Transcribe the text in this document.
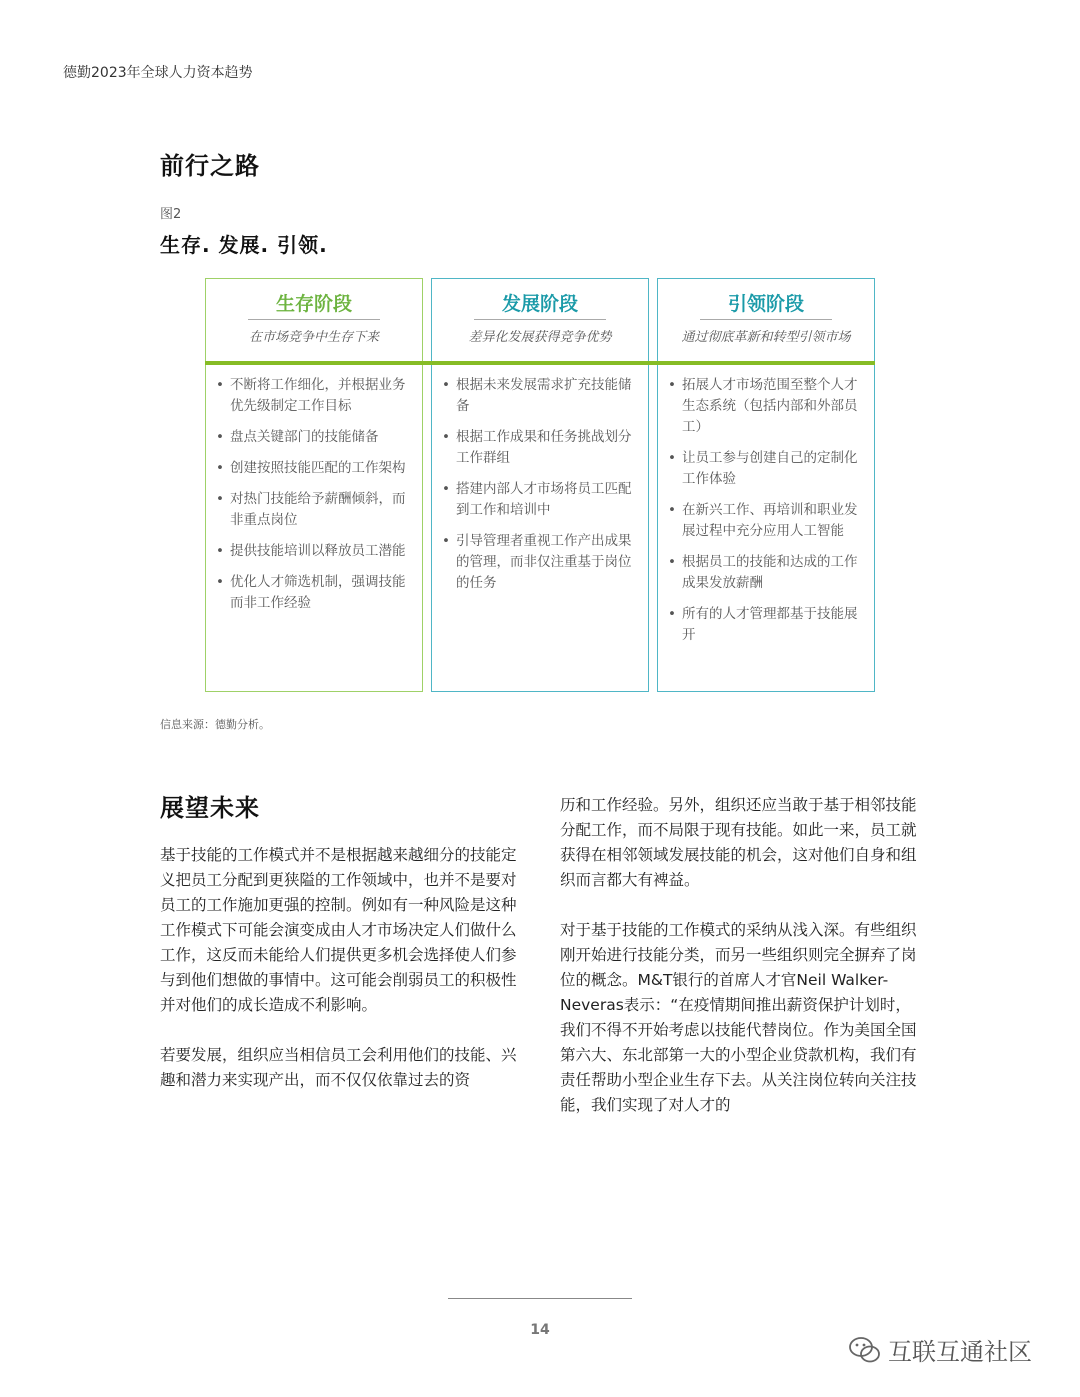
德勤2023年全球人力资本趋势
前行之路
图2
生存. 发展. 引领.
生存阶段
在市场竞争中生存下来
• 不断将工作细化，并根据业务优先级制定工作目标
• 盘点关键部门的技能储备
• 创建按照技能匹配的工作架构
• 对热门技能给予薪酬倾斜，而非重点岗位
• 提供技能培训以释放员工潜能
• 优化人才筛选机制，强调技能而非工作经验
发展阶段
差异化发展获得竞争优势
• 根据未来发展需求扩充技能储备
• 根据工作成果和任务挑战划分工作群组
• 搭建内部人才市场将员工匹配到工作和培训中
• 引导管理者重视工作产出成果的管理，而非仅注重基于岗位的任务
引领阶段
通过彻底革新和转型引领市场
• 拓展人才市场范围至整个人才生态系统（包括内部和外部员工）
• 让员工参与创建自己的定制化工作体验
• 在新兴工作、再培训和职业发展过程中充分应用人工智能
• 根据员工的技能和达成的工作成果发放薪酬
• 所有的人才管理都基于技能展开
信息来源：德勤分析。
展望未来

基于技能的工作模式并不是根据越来越细分的技能定义把员工分配到更狭隘的工作领域中，也并不是要对员工的工作施加更强的控制。例如有一种风险是这种工作模式下可能会演变成由人才市场决定人们做什么工作，这反而未能给人们提供更多机会选择使人们参与到他们想做的事情中。这可能会削弱员工的积极性并对他们的成长造成不利影响。

若要发展，组织应当相信员工会利用他们的技能、兴趣和潜力来实现产出，而不仅仅依靠过去的资

历和工作经验。另外，组织还应当敢于基于相邻技能分配工作，而不局限于现有技能。如此一来，员工就获得在相邻领域发展技能的机会，这对他们自身和组织而言都大有裨益。

对于基于技能的工作模式的采纳从浅入深。有些组织刚开始进行技能分类，而另一些组织则完全摒弃了岗位的概念。M&T银行的首席人才官Neil Walker-Neveras表示：“在疫情期间推出薪资保护计划时，我们不得不开始考虑以技能代替岗位。作为美国全国第六大、东北部第一大的小型企业贷款机构，我们有责任帮助小型企业生存下去。从关注岗位转向关注技能，我们实现了对人才的

14
互联互通社区
